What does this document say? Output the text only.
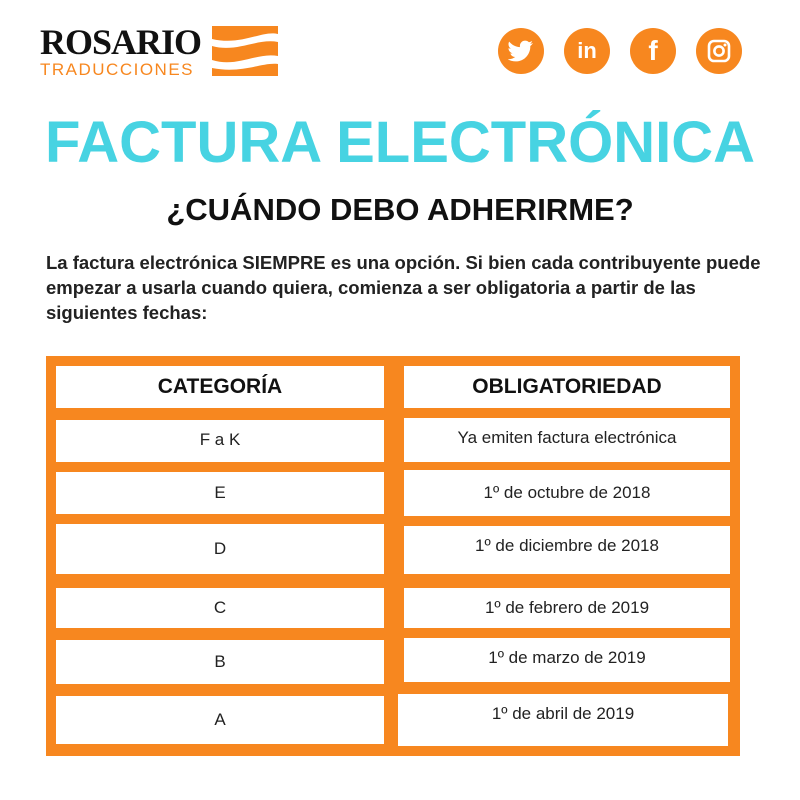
ROSARIO
TRADUCCIONES
in f
FACTURA ELECTRÓNICA
¿CUÁNDO DEBO ADHERIRME?

La factura electrónica SIEMPRE es una opción. Si bien cada contribuyente puede empezar a usarla cuando quiera, comienza a ser obligatoria a partir de las siguientes fechas:

CATEGORÍA	OBLIGATORIEDAD
F a K	Ya emiten factura electrónica
E	1º de octubre de 2018
D	1º de diciembre de 2018
C	1º de febrero de 2019
B	1º de marzo de 2019
A	1º de abril de 2019
